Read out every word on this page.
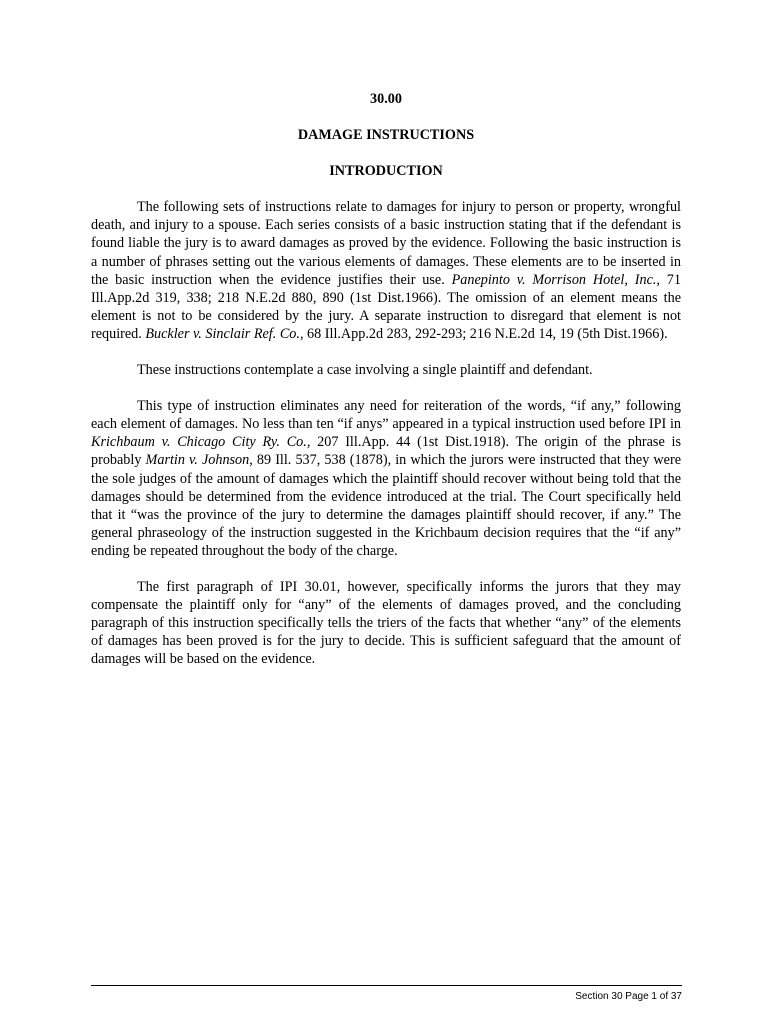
30.00

DAMAGE INSTRUCTIONS

INTRODUCTION

The following sets of instructions relate to damages for injury to person or property, wrongful death, and injury to a spouse. Each series consists of a basic instruction stating that if the defendant is found liable the jury is to award damages as proved by the evidence. Following the basic instruction is a number of phrases setting out the various elements of damages. These elements are to be inserted in the basic instruction when the evidence justifies their use. Panepinto v. Morrison Hotel, Inc., 71 Ill.App.2d 319, 338; 218 N.E.2d 880, 890 (1st Dist.1966). The omission of an element means the element is not to be considered by the jury. A separate instruction to disregard that element is not required. Buckler v. Sinclair Ref. Co., 68 Ill.App.2d 283, 292-293; 216 N.E.2d 14, 19 (5th Dist.1966).

These instructions contemplate a case involving a single plaintiff and defendant.

This type of instruction eliminates any need for reiteration of the words, “if any,” following each element of damages. No less than ten “if anys” appeared in a typical instruction used before IPI in Krichbaum v. Chicago City Ry. Co., 207 Ill.App. 44 (1st Dist.1918). The origin of the phrase is probably Martin v. Johnson, 89 Ill. 537, 538 (1878), in which the jurors were instructed that they were the sole judges of the amount of damages which the plaintiff should recover without being told that the damages should be determined from the evidence introduced at the trial. The Court specifically held that it “was the province of the jury to determine the damages plaintiff should recover, if any.” The general phraseology of the instruction suggested in the Krichbaum decision requires that the “if any” ending be repeated throughout the body of the charge.

The first paragraph of IPI 30.01, however, specifically informs the jurors that they may compensate the plaintiff only for “any” of the elements of damages proved, and the concluding paragraph of this instruction specifically tells the triers of the facts that whether “any” of the elements of damages has been proved is for the jury to decide. This is sufficient safeguard that the amount of damages will be based on the evidence.

Section 30 Page 1 of 37
